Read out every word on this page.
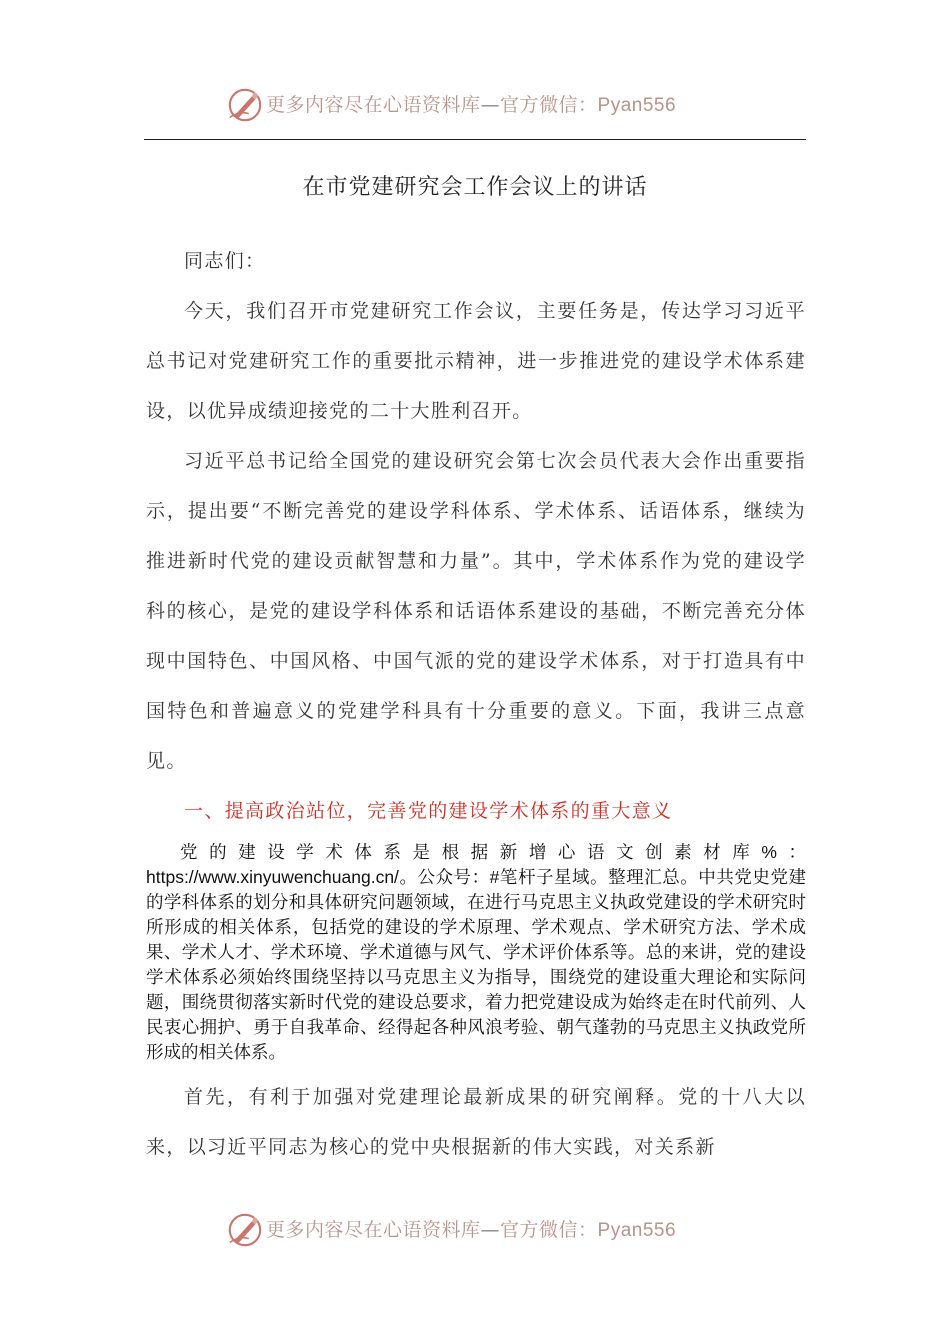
更多内容尽在心语资料库—官方微信：Pyan556
在市党建研究会工作会议上的讲话

同志们：

今天，我们召开市党建研究工作会议，主要任务是，传达学习习近平总书记对党建研究工作的重要批示精神，进一步推进党的建设学术体系建设，以优异成绩迎接党的二十大胜利召开。

习近平总书记给全国党的建设研究会第七次会员代表大会作出重要指示，提出要“不断完善党的建设学科体系、学术体系、话语体系，继续为推进新时代党的建设贡献智慧和力量”。其中，学术体系作为党的建设学科的核心，是党的建设学科体系和话语体系建设的基础，不断完善充分体现中国特色、中国风格、中国气派的党的建设学术体系，对于打造具有中国特色和普遍意义的党建学科具有十分重要的意义。下面，我讲三点意见。

一、提高政治站位，完善党的建设学术体系的重大意义

党的建设学术体系是根据新增心语文创素材库%：https://www.xinyuwenchuang.cn/。公众号：#笔杆子星域。整理汇总。中共党史党建的学科体系的划分和具体研究问题领域，在进行马克思主义执政党建设的学术研究时所形成的相关体系，包括党的建设的学术原理、学术观点、学术研究方法、学术成果、学术人才、学术环境、学术道德与风气、学术评价体系等。总的来讲，党的建设学术体系必须始终围绕坚持以马克思主义为指导，围绕党的建设重大理论和实际问题，围绕贯彻落实新时代党的建设总要求，着力把党建设成为始终走在时代前列、人民衷心拥护、勇于自我革命、经得起各种风浪考验、朝气蓬勃的马克思主义执政党所形成的相关体系。

首先，有利于加强对党建理论最新成果的研究阐释。党的十八大以来，以习近平同志为核心的党中央根据新的伟大实践，对关系新

更多内容尽在心语资料库—官方微信：Pyan556
